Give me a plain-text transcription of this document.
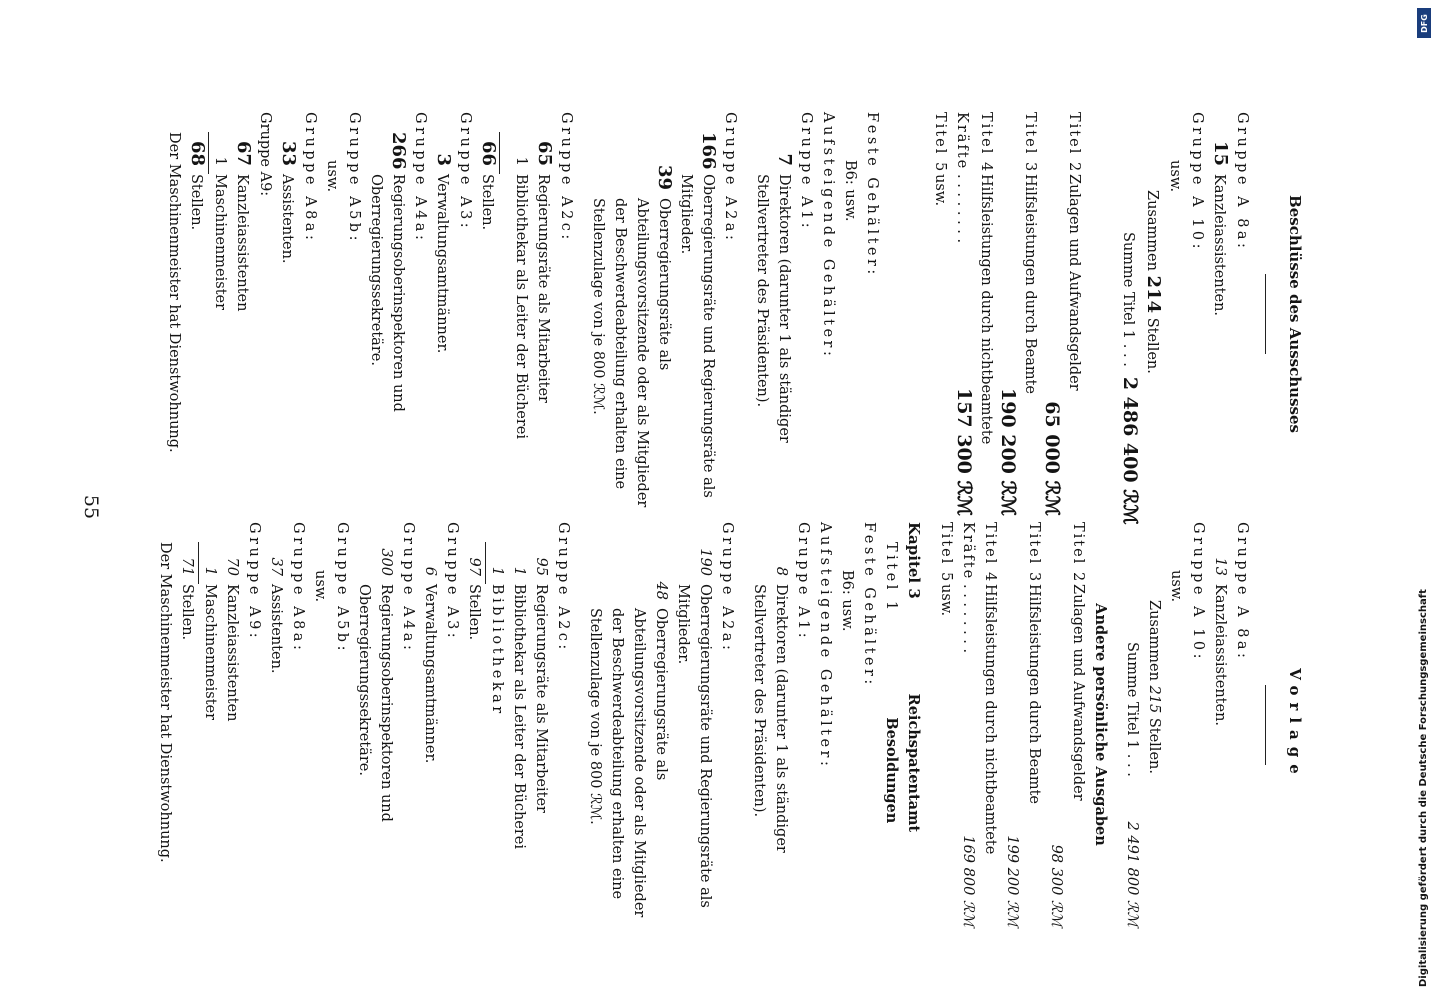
55
Vorlage
Gruppe A 8a:
13
Kanzleiassistenten.
Gruppe A 10:
usw.
Zusammen

215

Stellen.
Summe Titel 1 . . .
2 491 800 ℛℳ
Andere persönliche Ausgaben
Titel 2
Zulagen und Aufwandsgelder
98 300 ℛℳ
Titel 3
Hilfsleistungen durch Beamte
199 200 ℛℳ
Titel 4
Hilfsleistungen durch nichtbeamtete
Kräfte
. . . . . . . .
169 800 ℛℳ
Titel 5
usw.
Kapitel 3
Reichspatentamt
Titel 1
Besoldungen
Feste Gehälter:
B6: usw.
Aufsteigende Gehälter:
Gruppe A1:
8
Direktoren (darunter 1 als ständiger Stellvertreter des Präsidenten).
Gruppe A2a:
190
Oberregierungsräte und Regierungsräte als Mitglieder.
48
Oberregierungsräte als Abteilungsvorsitzende oder als Mitglieder der Beschwerdeabteilung erhalten eine Stellenzulage von je 800 ℛℳ.
Gruppe A2c:
95
Regierungsräte als Mitarbeiter
1
Bibliothekar als Leiter der Bücherei
1
Bibliothekar
97
Stellen.
Gruppe A3:
6
Verwaltungsamtmänner.
Gruppe A4a:
300
Regierungsoberinspektoren und Oberregierungssekretäre.
Gruppe A5b:
usw.
Gruppe A8a:
37
Assistenten.
Gruppe A9:
70
Kanzleiassistenten
1
Maschinenmeister
71
Stellen.
Der Maschinenmeister hat Dienstwohnung.
Beschlüsse des Ausschusses
Gruppe A 8a:
15
Kanzleiassistenten.
Gruppe A 10:
usw.
Zusammen

214

Stellen.
Summe Titel 1 . . .
2 486 400 ℛℳ
Titel 2
Zulagen und Aufwandsgelder
65 000 ℛℳ
Titel 3
Hilfsleistungen durch Beamte
190 200 ℛℳ
Titel 4
Hilfsleistungen durch nichtbeamtete
Kräfte
. . . . . . . .
157 300 ℛℳ
Titel 5
usw.
Feste Gehälter:
B6: usw.
Aufsteigende Gehälter:
Gruppe A1:
7
Direktoren (darunter 1 als ständiger Stellvertreter des Präsidenten).
Gruppe A2a:
166
Oberregierungsräte und Regierungsräte als Mitglieder.
39
Oberregierungsräte als Abteilungsvorsitzende oder als Mitglieder der Beschwerdeabteilung erhalten eine Stellenzulage von je 800 ℛℳ.
Gruppe A2c:
65
Regierungsräte als Mitarbeiter
1
Bibliothekar als Leiter der Bücherei
66
Stellen.
Gruppe A3:
3
Verwaltungsamtmänner.
Gruppe A4a:
266
Regierungsoberinspektoren und Oberregierungssekretäre.
Gruppe A5b:
usw.
Gruppe A8a:
33
Assistenten.
Gruppe A9:
67
Kanzleiassistenten
1
Maschinenmeister
68
Stellen.
Der Maschinenmeister hat Dienstwohnung.
DFG
Digitalisierung gefördert durch die Deutsche Forschungsgemeinschaft
